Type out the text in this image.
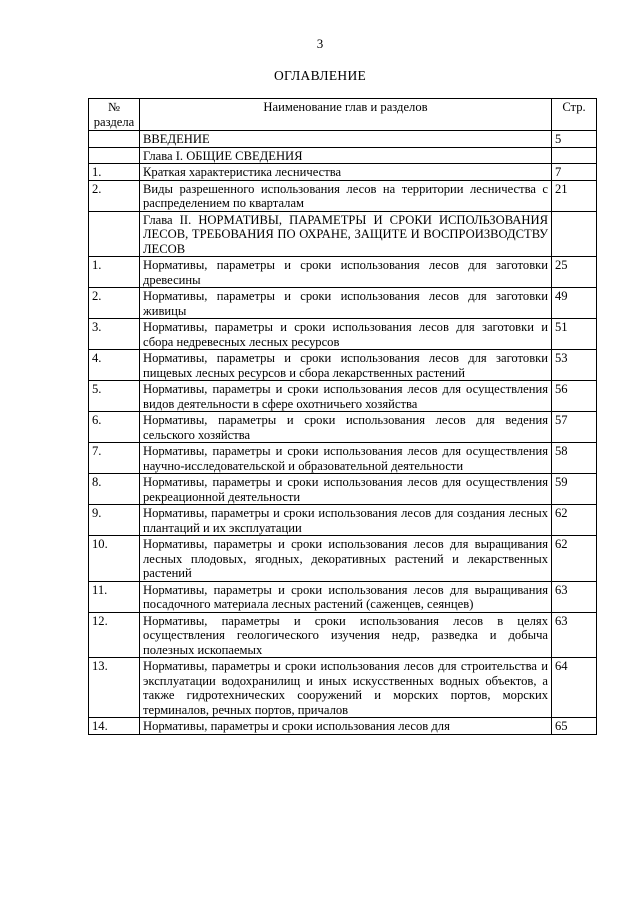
3
ОГЛАВЛЕНИЕ
№ раздела	Наименование глав и разделов	Стр.
	ВВЕДЕНИЕ	5
	Глава I. ОБЩИЕ СВЕДЕНИЯ	
1.	Краткая характеристика лесничества	7
2.	Виды разрешенного использования лесов на территории лесничества с распределением по кварталам	21
	Глава II. НОРМАТИВЫ, ПАРАМЕТРЫ И СРОКИ ИСПОЛЬЗОВАНИЯ ЛЕСОВ, ТРЕБОВАНИЯ ПО ОХРАНЕ, ЗАЩИТЕ И ВОСПРОИЗВОДСТВУ ЛЕСОВ	
1.	Нормативы, параметры и сроки использования лесов для заготовки древесины	25
2.	Нормативы, параметры и сроки использования лесов для заготовки живицы	49
3.	Нормативы, параметры и сроки использования лесов для заготовки и сбора недревесных лесных ресурсов	51
4.	Нормативы, параметры и сроки использования лесов для заготовки пищевых лесных ресурсов и сбора лекарственных растений	53
5.	Нормативы, параметры и сроки использования лесов для осуществления видов деятельности в сфере охотничьего хозяйства	56
6.	Нормативы, параметры и сроки использования лесов для ведения сельского хозяйства	57
7.	Нормативы, параметры и сроки использования лесов для осуществления научно-исследовательской и образовательной деятельности	58
8.	Нормативы, параметры и сроки использования лесов для осуществления рекреационной деятельности	59
9.	Нормативы, параметры и сроки использования лесов для создания лесных плантаций и их эксплуатации	62
10.	Нормативы, параметры и сроки использования лесов для выращивания лесных плодовых, ягодных, декоративных растений и лекарственных растений	62
11.	Нормативы, параметры и сроки использования лесов для выращивания посадочного материала лесных растений (саженцев, сеянцев)	63
12.	Нормативы, параметры и сроки использования лесов в целях осуществления геологического изучения недр, разведка и добыча полезных ископаемых	63
13.	Нормативы, параметры и сроки использования лесов для строительства и эксплуатации водохранилищ и иных искусственных водных объектов, а также гидротехнических сооружений и морских портов, морских терминалов, речных портов, причалов	64
14.	Нормативы, параметры и сроки использования лесов для	65
